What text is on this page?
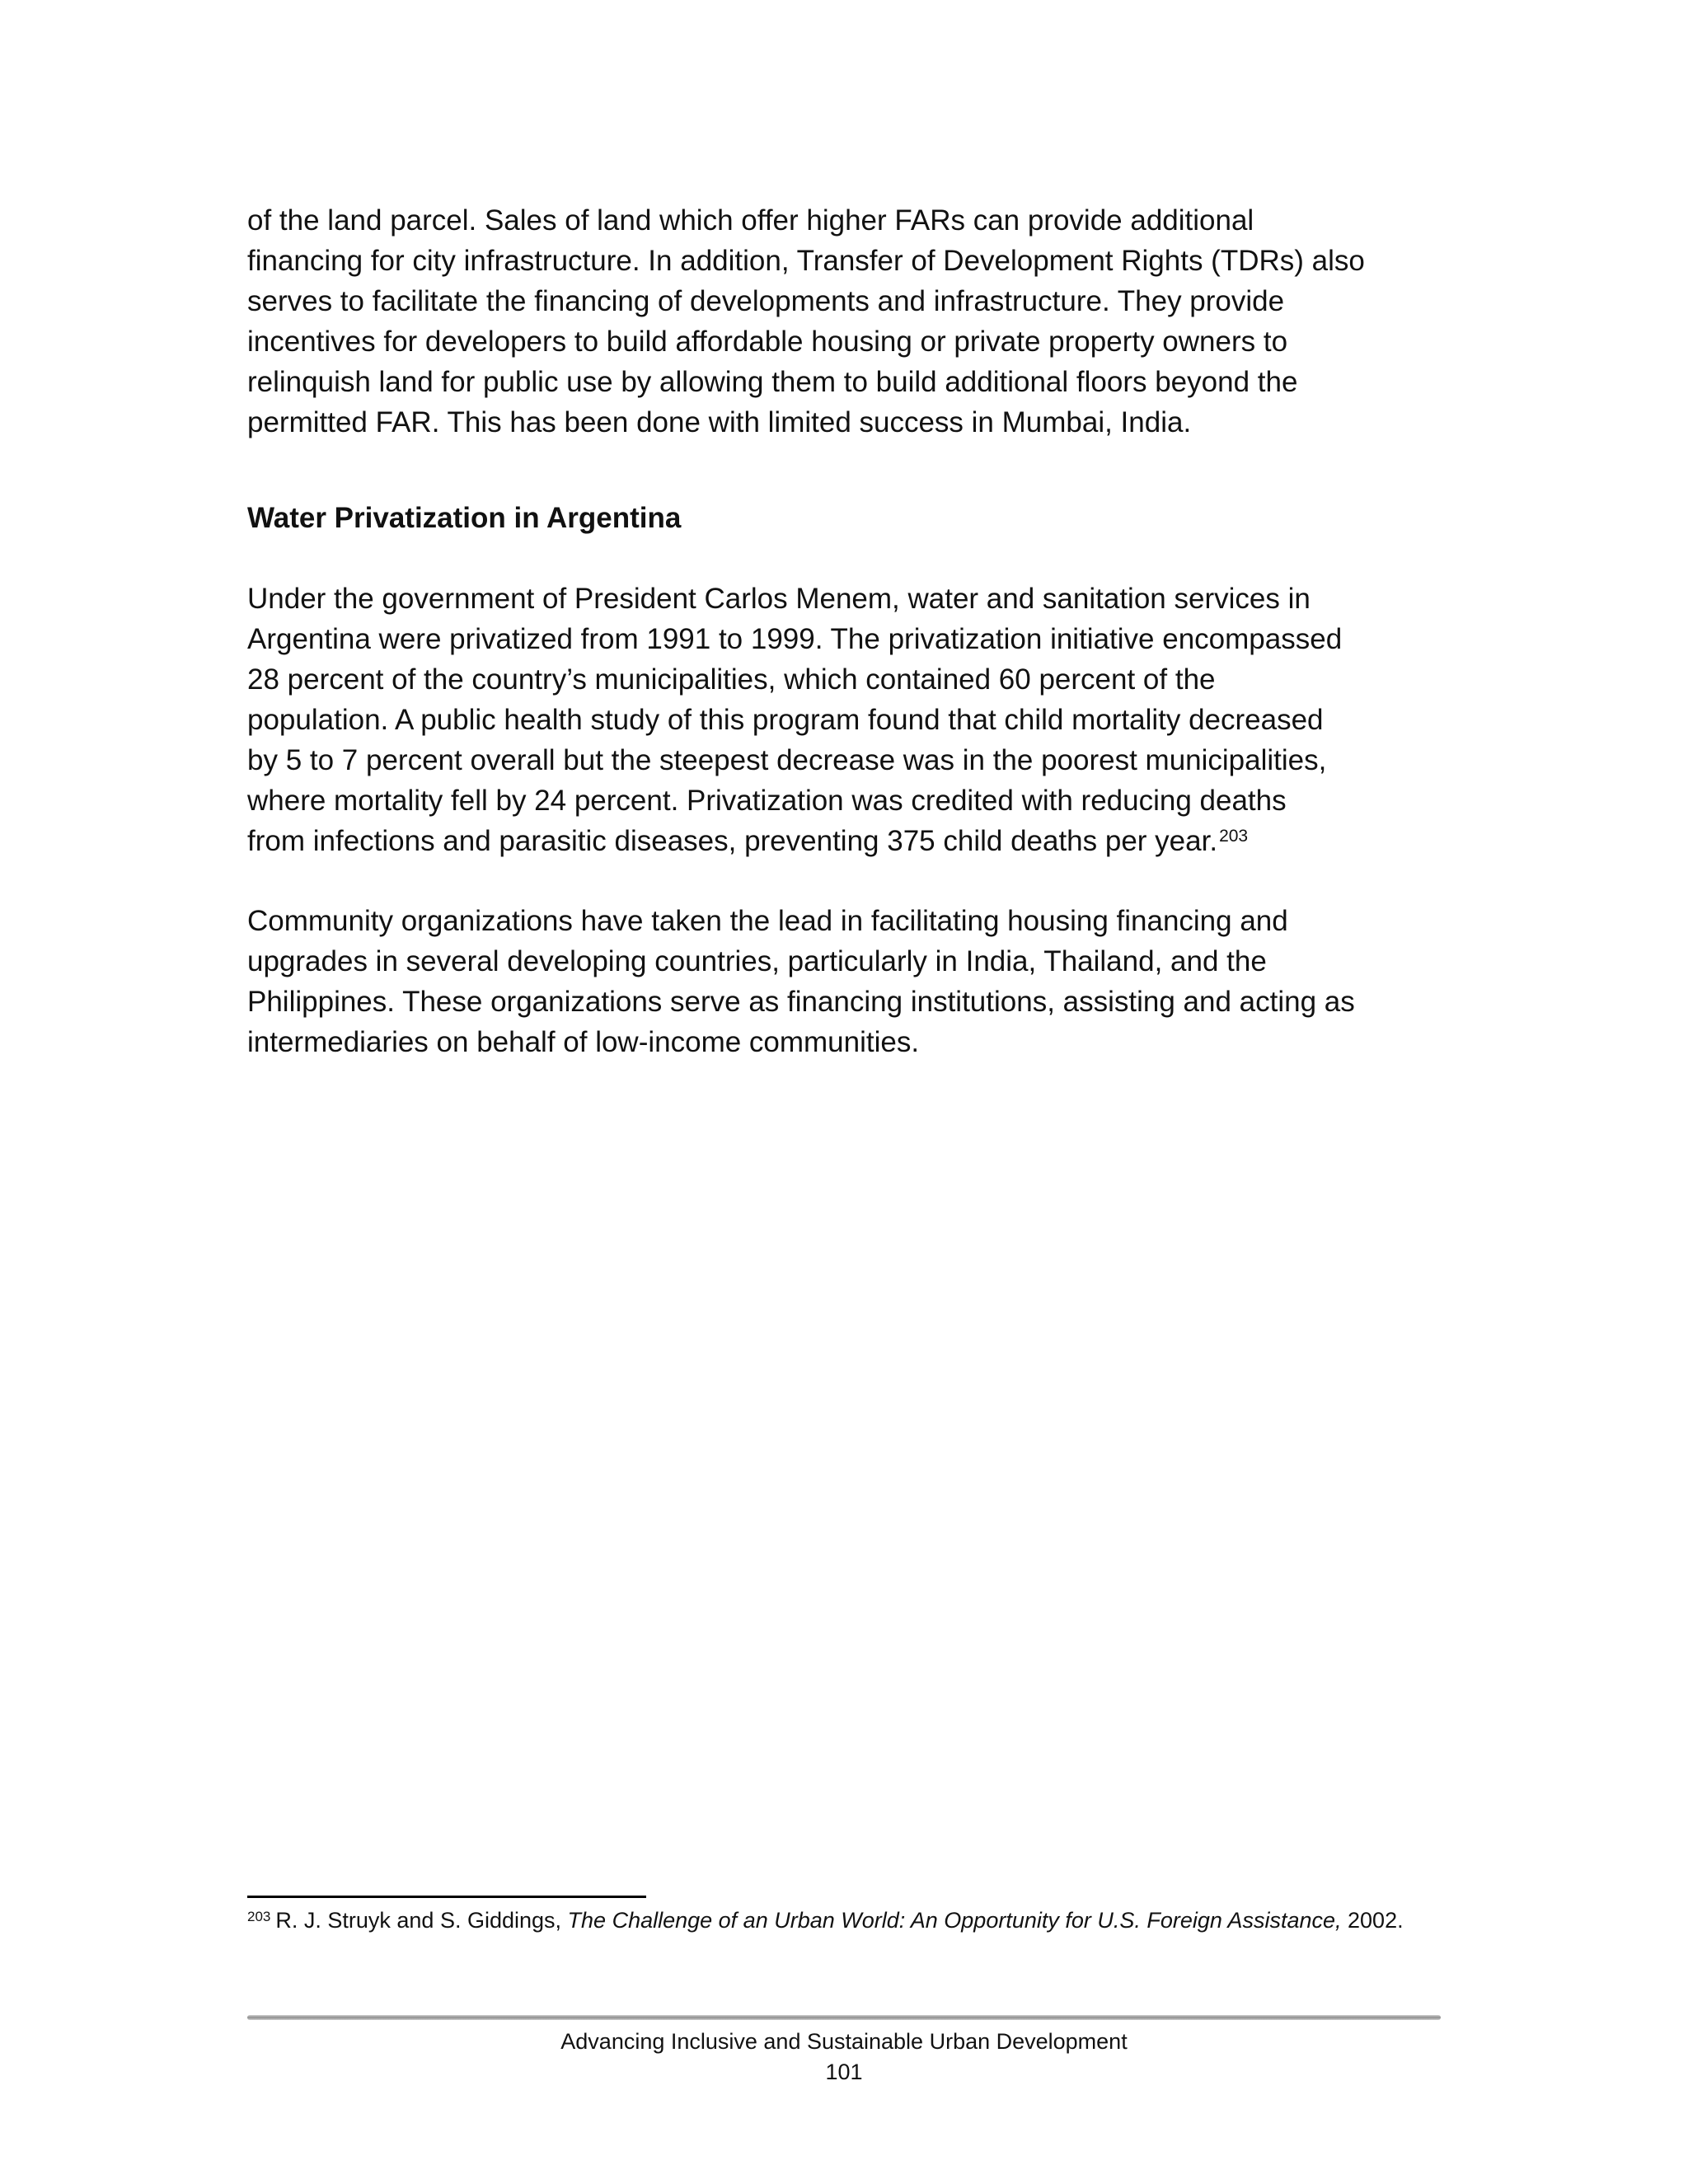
of the land parcel. Sales of land which offer higher FARs can provide additional
financing for city infrastructure. In addition, Transfer of Development Rights (TDRs) also
serves to facilitate the financing of developments and infrastructure. They provide
incentives for developers to build affordable housing or private property owners to
relinquish land for public use by allowing them to build additional floors beyond the
permitted FAR. This has been done with limited success in Mumbai, India.

Water Privatization in Argentina

Under the government of President Carlos Menem, water and sanitation services in
Argentina were privatized from 1991 to 1999. The privatization initiative encompassed
28 percent of the country’s municipalities, which contained 60 percent of the
population. A public health study of this program found that child mortality decreased
by 5 to 7 percent overall but the steepest decrease was in the poorest municipalities,
where mortality fell by 24 percent. Privatization was credited with reducing deaths
from infections and parasitic diseases, preventing 375 child deaths per year.$^{203}$

Community organizations have taken the lead in facilitating housing financing and
upgrades in several developing countries, particularly in India, Thailand, and the
Philippines. These organizations serve as financing institutions, assisting and acting as
intermediaries on behalf of low-income communities.

$^{203}$ R. J. Struyk and S. Giddings, The Challenge of an Urban World: An Opportunity for U.S. Foreign Assistance, 2002.

Advancing Inclusive and Sustainable Urban Development

101
